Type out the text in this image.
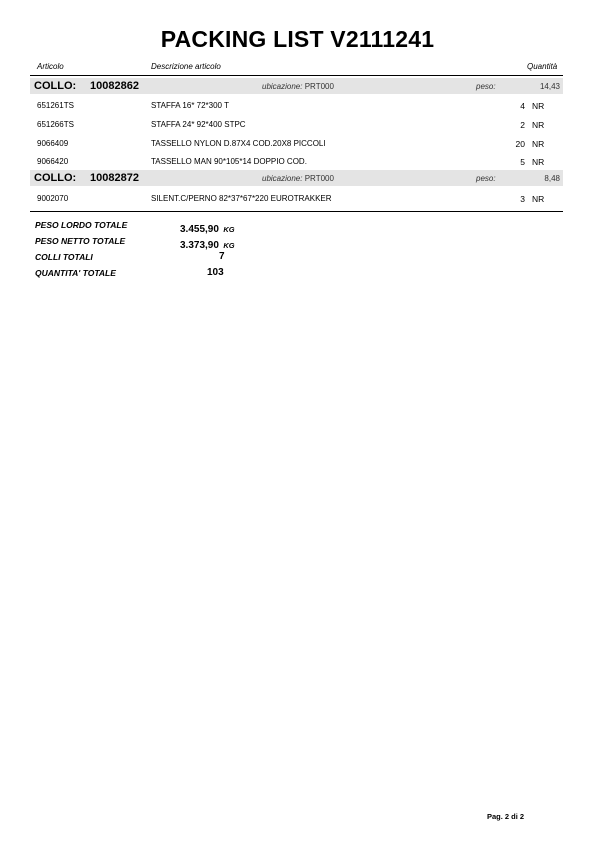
PACKING LIST V2111241
Articolo	Descrizione articolo	Quantità
COLLO: 10082862	ubicazione: PRT000	peso:	14,43
651261TS	STAFFA 16* 72*300 T	4 NR
651266TS	STAFFA 24* 92*400 STPC	2 NR
9066409	TASSELLO NYLON D.87X4 COD.20X8 PICCOLI	20 NR
9066420	TASSELLO MAN 90*105*14 DOPPIO COD.	5 NR
COLLO: 10082872	ubicazione: PRT000	peso:	8,48
9002070	SILENT.C/PERNO 82*37*67*220 EUROTRAKKER	3 NR
PESO LORDO TOTALE	3.455,90 KG
PESO NETTO TOTALE	3.373,90 KG
COLLI TOTALI	7
QUANTITA' TOTALE	103
Pag. 2 di 2
